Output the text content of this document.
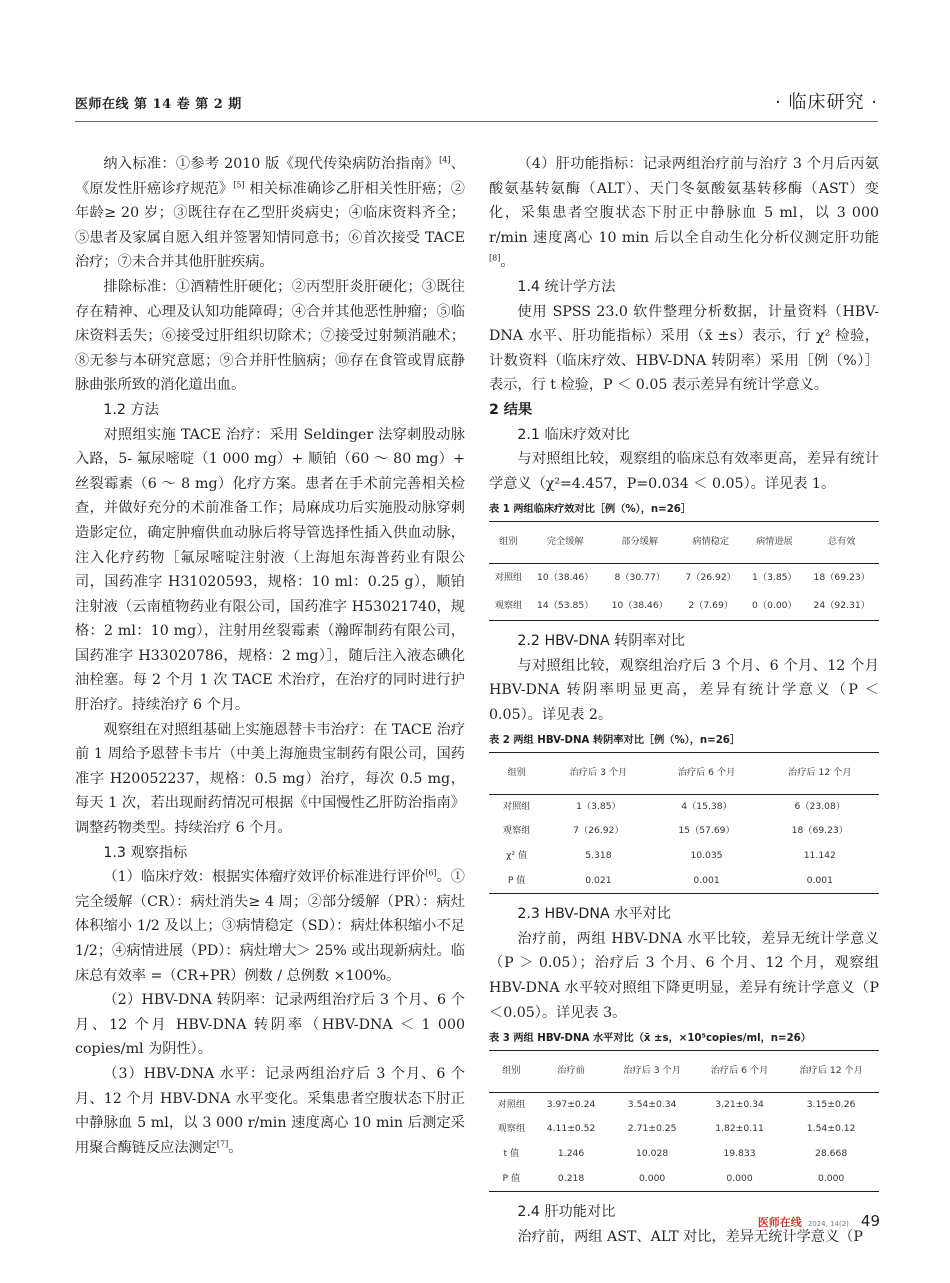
医师在线 第 14 卷 第 2 期	· 临床研究 ·

纳入标准：①参考 2010 版《现代传染病防治指南》[4]、《原发性肝癌诊疗规范》[5] 相关标准确诊乙肝相关性肝癌；②年龄≥ 20 岁；③既往存在乙型肝炎病史；④临床资料齐全；⑤患者及家属自愿入组并签署知情同意书；⑥首次接受 TACE 治疗；⑦未合并其他肝脏疾病。

排除标准：①酒精性肝硬化；②丙型肝炎肝硬化；③既往存在精神、心理及认知功能障碍；④合并其他恶性肿瘤；⑤临床资料丢失；⑥接受过肝组织切除术；⑦接受过射频消融术；⑧无参与本研究意愿；⑨合并肝性脑病；⑩存在食管或胃底静脉曲张所致的消化道出血。

1.2 方法

对照组实施 TACE 治疗：采用 Seldinger 法穿刺股动脉入路，5- 氟尿嘧啶（1 000 mg）+ 顺铂（60 ～ 80 mg）+ 丝裂霉素（6 ～ 8 mg）化疗方案。患者在手术前完善相关检查，并做好充分的术前准备工作；局麻成功后实施股动脉穿刺造影定位，确定肿瘤供血动脉后将导管选择性插入供血动脉，注入化疗药物［氟尿嘧啶注射液（上海旭东海普药业有限公司，国药准字 H31020593，规格：10 ml：0.25 g），顺铂注射液（云南植物药业有限公司，国药准字 H53021740，规格：2 ml：10 mg），注射用丝裂霉素（瀚晖制药有限公司，国药准字 H33020786，规格：2 mg）］，随后注入液态碘化油栓塞。每 2 个月 1 次 TACE 术治疗，在治疗的同时进行护肝治疗。持续治疗 6 个月。

观察组在对照组基础上实施恩替卡韦治疗：在 TACE 治疗前 1 周给予恩替卡韦片（中美上海施贵宝制药有限公司，国药准字 H20052237，规格：0.5 mg）治疗，每次 0.5 mg，每天 1 次，若出现耐药情况可根据《中国慢性乙肝防治指南》调整药物类型。持续治疗 6 个月。

1.3 观察指标

（1）临床疗效：根据实体瘤疗效评价标准进行评价[6]。①完全缓解（CR）：病灶消失≥ 4 周；②部分缓解（PR）：病灶体积缩小 1/2 及以上；③病情稳定（SD）：病灶体积缩小不足 1/2；④病情进展（PD）：病灶增大＞ 25% 或出现新病灶。临床总有效率 =（CR+PR）例数 / 总例数 ×100%。

（2）HBV-DNA 转阴率：记录两组治疗后 3 个月、6 个月、12 个月 HBV-DNA 转阴率（HBV-DNA ＜ 1 000 copies/ml 为阴性）。

（3）HBV-DNA 水平：记录两组治疗后 3 个月、6 个月、12 个月 HBV-DNA 水平变化。采集患者空腹状态下肘正中静脉血 5 ml，以 3 000 r/min 速度离心 10 min 后测定采用聚合酶链反应法测定[7]。

（4）肝功能指标：记录两组治疗前与治疗 3 个月后丙氨酸氨基转氨酶（ALT）、天门冬氨酸氨基转移酶（AST）变化，采集患者空腹状态下肘正中静脉血 5 ml，以 3 000 r/min 速度离心 10 min 后以全自动生化分析仪测定肝功能[8]。

1.4 统计学方法

使用 SPSS 23.0 软件整理分析数据，计量资料（HBV-DNA 水平、肝功能指标）采用（x̄ ±s）表示，行 χ² 检验，计数资料（临床疗效、HBV-DNA 转阴率）采用［例（%）］表示，行 t 检验，P ＜ 0.05 表示差异有统计学意义。

2 结果
2.1 临床疗效对比

与对照组比较，观察组的临床总有效率更高，差异有统计学意义（χ²=4.457，P=0.034 ＜ 0.05）。详见表 1。

表 1 两组临床疗效对比［例（%），n=26］
组别	完全缓解	部分缓解	病情稳定	病情进展	总有效
对照组	10（38.46）	8（30.77）	7（26.92）	1（3.85）	18（69.23）
观察组	14（53.85）	10（38.46）	2（7.69）	0（0.00）	24（92.31）
2.2 HBV-DNA 转阴率对比

与对照组比较，观察组治疗后 3 个月、6 个月、12 个月 HBV-DNA 转阴率明显更高，差异有统计学意义（P ＜ 0.05）。详见表 2。

表 2 两组 HBV-DNA 转阴率对比［例（%），n=26］
组别	治疗后 3 个月	治疗后 6 个月	治疗后 12 个月
对照组	1（3.85）	4（15.38）	6（23.08）
观察组	7（26.92）	15（57.69）	18（69.23）
χ² 值	5.318	10.035	11.142
P 值	0.021	0.001	0.001
2.3 HBV-DNA 水平对比

治疗前，两组 HBV-DNA 水平比较，差异无统计学意义（P ＞ 0.05）；治疗后 3 个月、6 个月、12 个月，观察组 HBV-DNA 水平较对照组下降更明显，差异有统计学意义（P＜0.05）。详见表 3。

表 3 两组 HBV-DNA 水平对比（x̄ ±s，×10⁵copies/ml，n=26）
组别	治疗前	治疗后 3 个月	治疗后 6 个月	治疗后 12 个月
对照组	3.97±0.24	3.54±0.34	3.21±0.34	3.15±0.26
观察组	4.11±0.52	2.71±0.25	1.82±0.11	1.54±0.12
t 值	1.246	10.028	19.833	28.668
P 值	0.218	0.000	0.000	0.000
2.4 肝功能对比

治疗前，两组 AST、ALT 对比，差异无统计学意义（P

医师在线 2024, 14(2) 49
